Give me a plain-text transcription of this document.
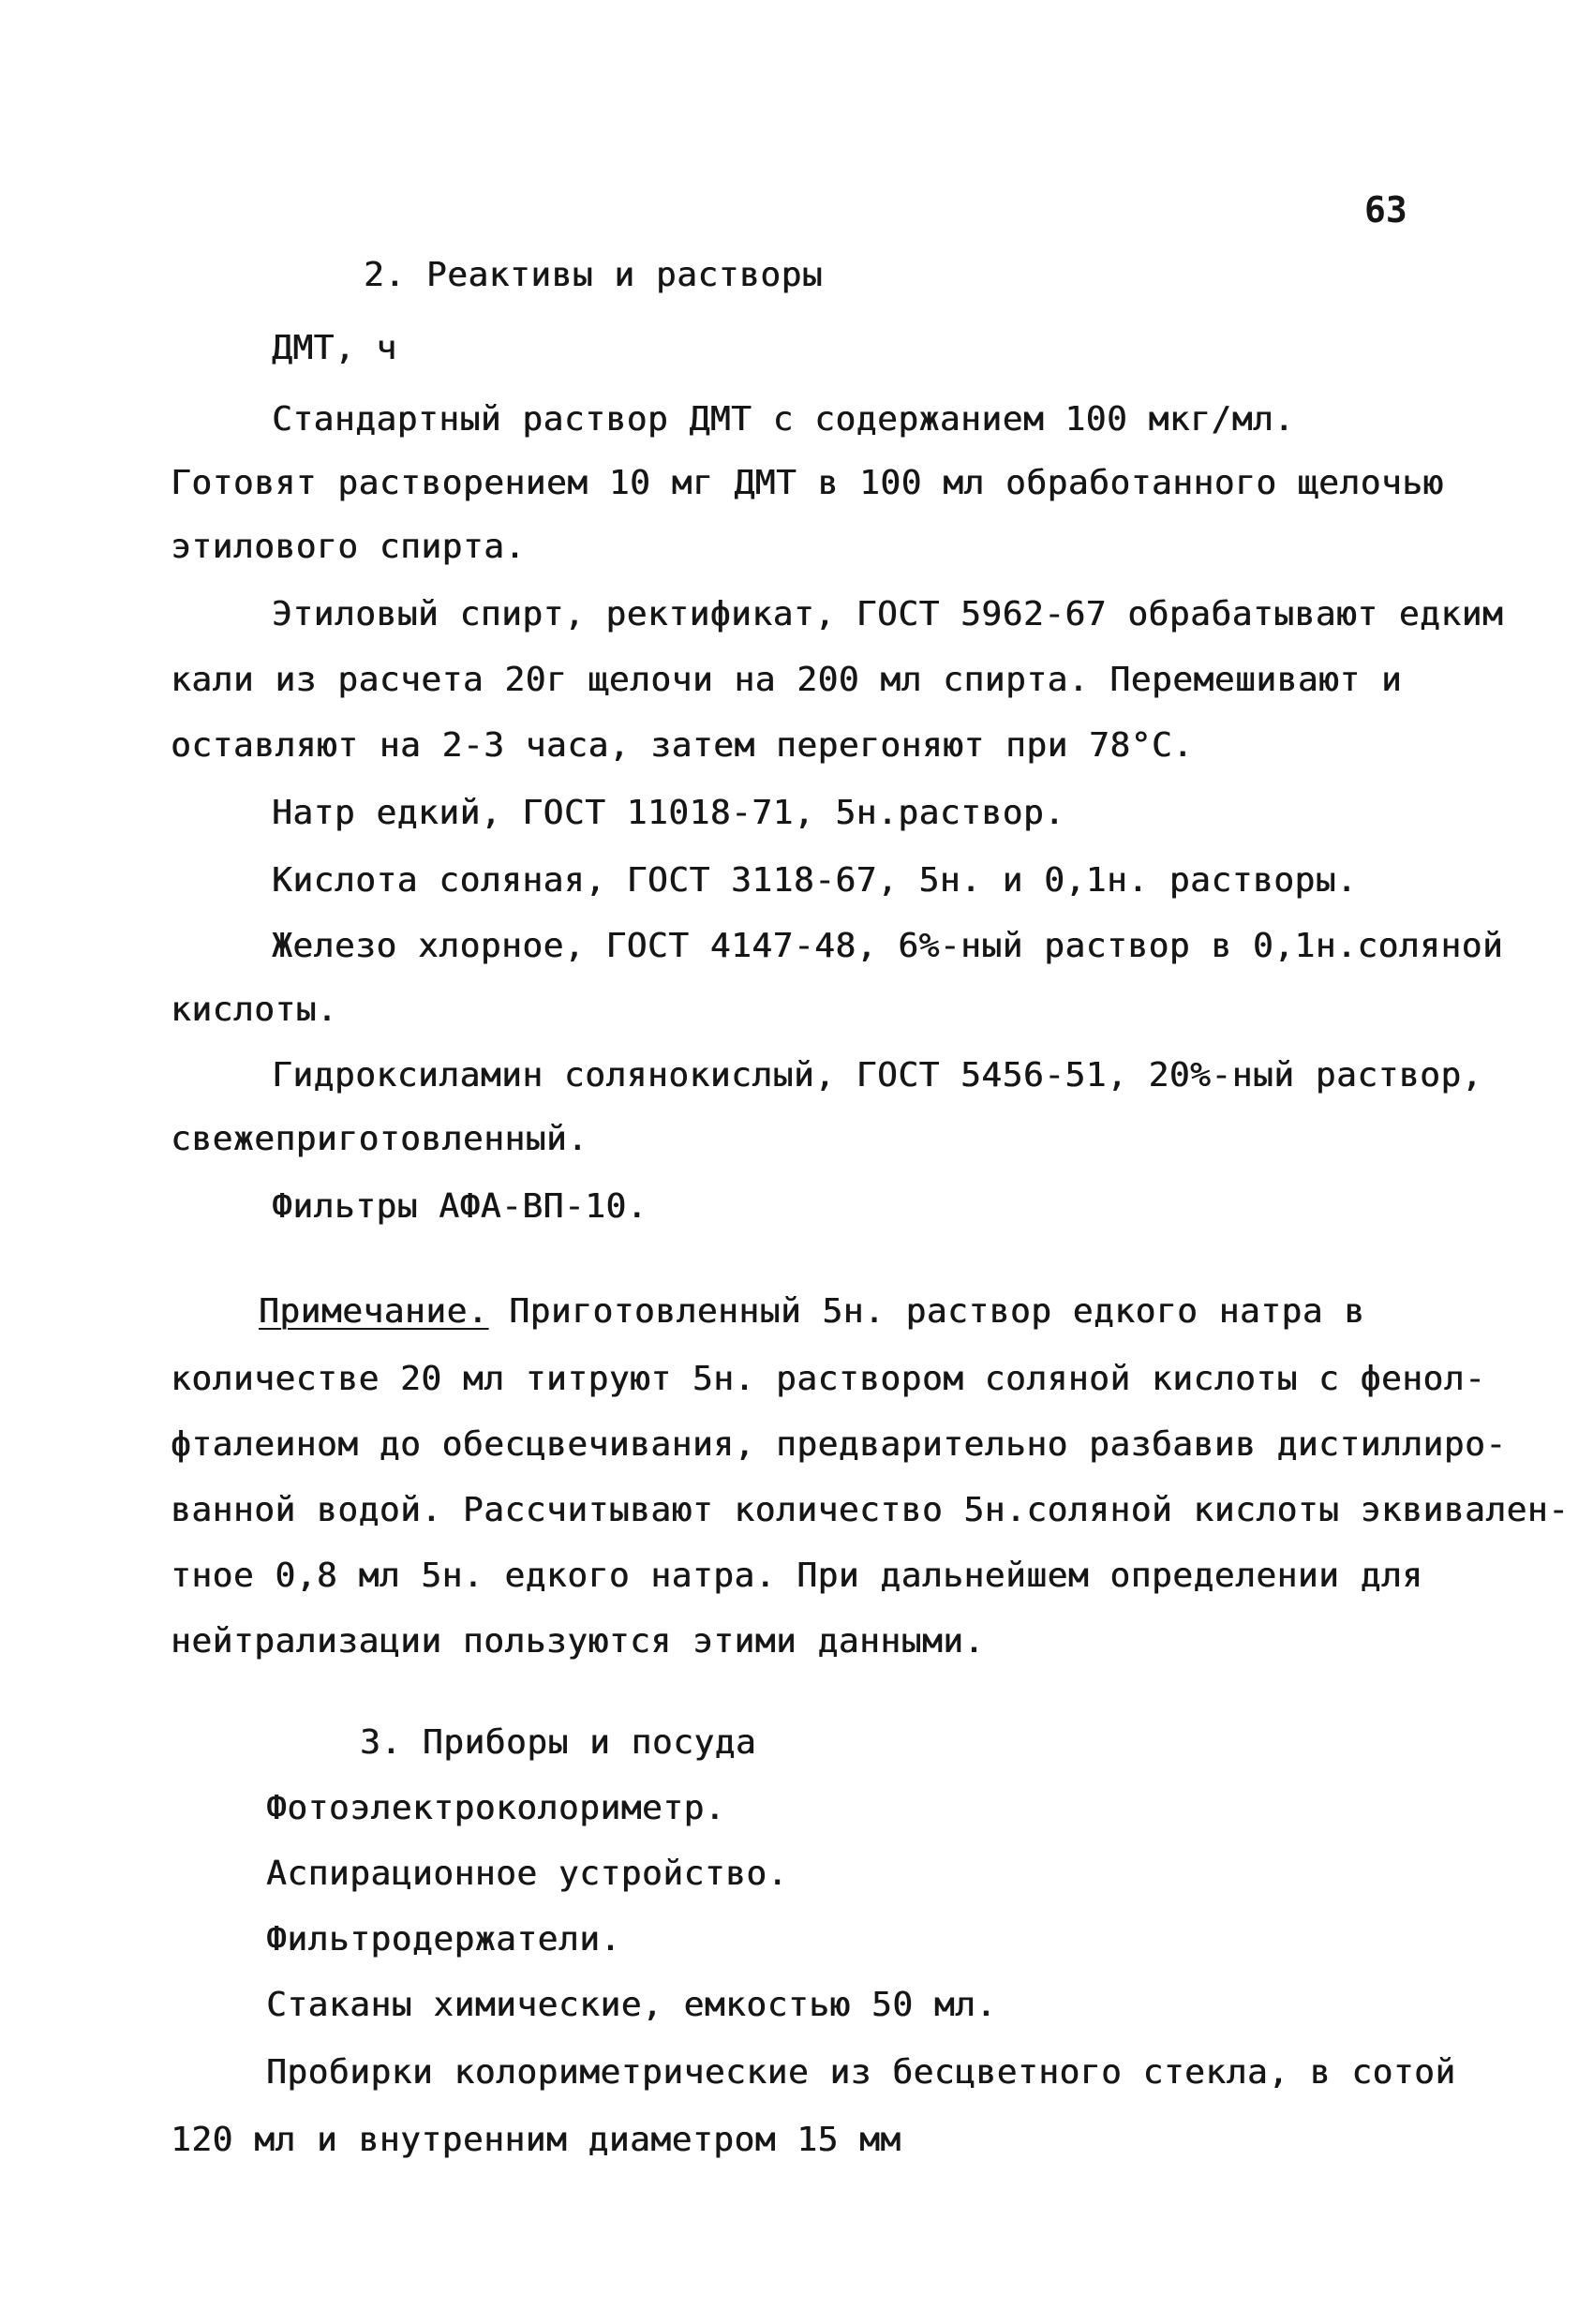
63

2. Реактивы и растворы

ДМТ, ч

Стандартный раствор ДМТ с содержанием 100 мкг/мл.

Готовят растворением 10 мг ДМТ в 100 мл обработанного щелочью

этилового спирта.

Этиловый спирт, ректификат, ГОСТ 5962-67 обрабатывают едким

кали из расчета 20г щелочи на 200 мл спирта. Перемешивают и

оставляют на 2-3 часа, затем перегоняют при 78°С.

Натр едкий, ГОСТ 11018-71, 5н.раствор.

Кислота соляная, ГОСТ 3118-67, 5н. и 0,1н. растворы.

Железо хлорное, ГОСТ 4147-48, 6%-ный раствор в 0,1н.соляной

кислоты.

Гидроксиламин солянокислый, ГОСТ 5456-51, 20%-ный раствор,

свежеприготовленный.

Фильтры АФА-ВП-10.

Примечание. Приготовленный 5н. раствор едкого натра в

количестве 20 мл титруют 5н. раствором соляной кислоты с фенол-

фталеином до обесцвечивания, предварительно разбавив дистиллиро-

ванной водой. Рассчитывают количество 5н.соляной кислоты эквивален-

тное 0,8 мл 5н. едкого натра. При дальнейшем определении для

нейтрализации пользуются этими данными.

3. Приборы и посуда

Фотоэлектроколориметр.

Аспирационное устройство.

Фильтродержатели.

Стаканы химические, емкостью 50 мл.

Пробирки колориметрические из бесцветного стекла, в сотой

120 мл и внутренним диаметром 15 мм
